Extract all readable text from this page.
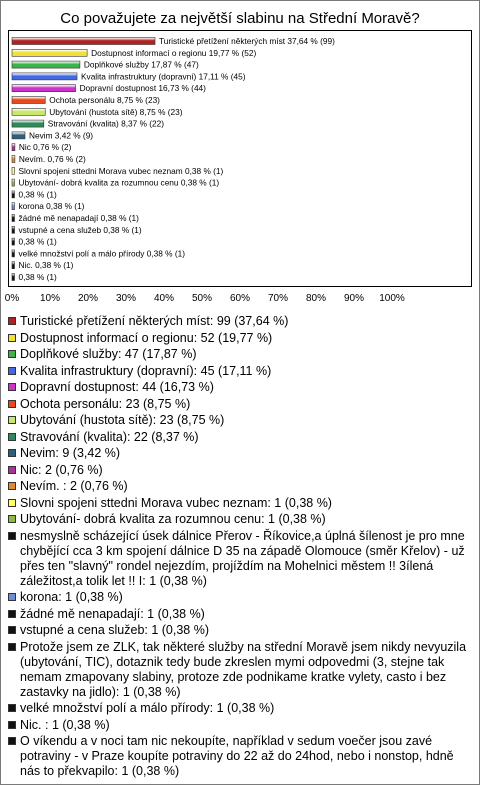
Co považujete za největší slabinu na Střední Moravě?
Turistické přetížení některých míst 37,64 % (99)
Dostupnost informací o regionu 19,77 % (52)
Doplňkové služby 17,87 % (47)
Kvalita infrastruktury (dopravní) 17,11 % (45)
Dopravní dostupnost 16,73 % (44)
Ochota personálu 8,75 % (23)
Ubytování (hustota sítě) 8,75 % (23)
Stravování (kvalita) 8,37 % (22)
Nevim 3,42 % (9)
Nic 0,76 % (2)
Nevím. 0,76 % (2)
Slovni spojeni sttedni Morava vubec neznam 0,38 % (1)
Ubytování- dobrá kvalita za rozumnou cenu 0,38 % (1)
0,38 % (1)
korona 0,38 % (1)
žádné mě nenapadají 0,38 % (1)
vstupné a cena služeb 0,38 % (1)
0,38 % (1)
velké množství polí a málo přírody 0,38 % (1)
Nic. 0,38 % (1)
0,38 % (1)
0% 10% 20% 30% 40% 50% 60% 70% 80% 90% 100%
Turistické přetížení některých míst: 99 (37,64 %)
Dostupnost informací o regionu: 52 (19,77 %)
Doplňkové služby: 47 (17,87 %)
Kvalita infrastruktury (dopravní): 45 (17,11 %)
Dopravní dostupnost: 44 (16,73 %)
Ochota personálu: 23 (8,75 %)
Ubytování (hustota sítě): 23 (8,75 %)
Stravování (kvalita): 22 (8,37 %)
Nevim: 9 (3,42 %)
Nic: 2 (0,76 %)
Nevím. : 2 (0,76 %)
Slovni spojeni sttedni Morava vubec neznam: 1 (0,38 %)
Ubytování- dobrá kvalita za rozumnou cenu: 1 (0,38 %)
nesmyslně scházející úsek dálnice Přerov - Říkovice,a úplná šílenost je pro mne chybějící cca 3 km spojení dálnice D 35 na západě Olomouce (směr Křelov) - už přes ten "slavný" rondel nejezdím, projíždím na Mohelnici městem !! 3ílená záležitost,a tolik let !! I: 1 (0,38 %)
korona: 1 (0,38 %)
žádné mě nenapadají: 1 (0,38 %)
vstupné a cena služeb: 1 (0,38 %)
Protože jsem ze ZLK, tak některé služby na střední Moravě jsem nikdy nevyuzila (ubytování, TIC), dotaznik tedy bude zkreslen mymi odpovedmi (3, stejne tak nemam zmapovany slabiny, protoze zde podnikame kratke vylety, casto i bez zastavky na jidlo): 1 (0,38 %)
velké množství polí a málo přírody: 1 (0,38 %)
Nic. : 1 (0,38 %)
O víkendu a v noci tam nic nekoupíte, například v sedum voečer jsou zavé potraviny - v Praze koupíte potraviny do 22 až do 24hod, nebo i nonstop, hdně nás to překvapilo: 1 (0,38 %)
